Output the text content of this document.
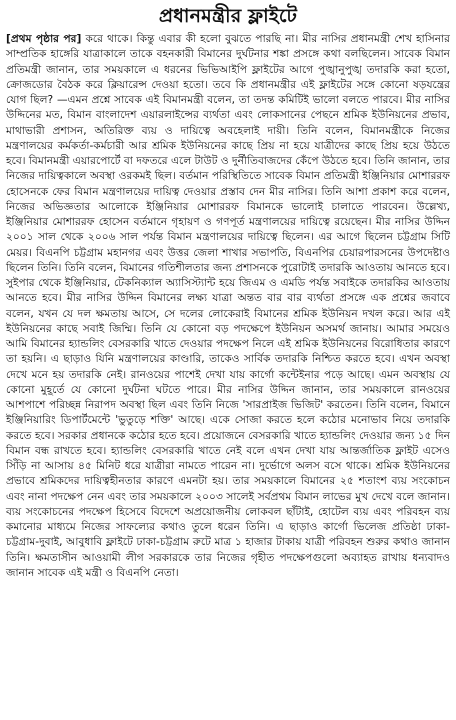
প্রধানমন্ত্রীর ফ্লাইটে
[প্রথম পৃষ্ঠার পর] করে থাকে। কিন্তু এবার কী হলো বুঝতে পারছি না। মীর নাসির প্রধানমন্ত্রী শেখ হাসিনার সাম্প্রতিক হাঙ্গেরি যাত্রাকালে তাকে বহনকারী বিমানের দুর্ঘটনার শঙ্কা প্রসঙ্গে কথা বলছিলেন। সাবেক বিমান প্রতিমন্ত্রী জানান, তার সময়কালে এ ধরনের ভিভিআইপি ফ্লাইটের আগে পুঙ্খানুপুঙ্খ তদারকি করা হতো, ক্রোজডোর বৈঠক করে ক্লিয়ারেন্স দেওয়া হতো। তবে কি প্রধানমন্ত্রীর এই ফ্লাইটের সঙ্গে কোনো ষড়যন্ত্রের যোগ ছিল? —এমন প্রশ্নে সাবেক এই বিমানমন্ত্রী বলেন, তা তদন্ত কমিটিই ভালো বলতে পারবে। মীর নাসির উদ্দিনের মত, বিমান বাংলাদেশ এয়ারলাইন্সের ব্যর্থতা এবং লোকসানের পেছনে শ্রমিক ইউনিয়নের প্রভাব, মাথাভারী প্রশাসন, অতিরিক্ত ব্যয় ও দায়িত্বে অবহেলাই দায়ী। তিনি বলেন, বিমানমন্ত্রীকে নিজের মন্ত্রণালয়ের কর্মকর্তা-কর্মচারী আর শ্রমিক ইউনিয়নের কাছে প্রিয় না হয়ে যাত্রীদের কাছে প্রিয় হয়ে উঠতে হবে। বিমানমন্ত্রী এয়ারপোর্টে বা দফতরে এলে টাউট ও দুর্নীতিবাজদের কেঁপে উঠতে হবে। তিনি জানান, তার নিজের দায়িত্বকালে অবস্থা ওরকমই ছিল। বর্তমান পরিস্থিতিতে সাবেক বিমান প্রতিমন্ত্রী ইঞ্জিনিয়ার মোশাররফ হোসেনকে ফের বিমান মন্ত্রণালয়ের দায়িত্ব দেওয়ার প্রস্তাব দেন মীর নাসির। তিনি আশা প্রকাশ করে বলেন, নিজের অভিজ্ঞতার আলোকে ইঞ্জিনিয়ার মোশাররফ বিমানকে ভালোই চালাতে পারবেন। উল্লেখ্য, ইঞ্জিনিয়ার মোশাররফ হোসেন বর্তমানে গৃহায়ণ ও গণপূর্ত মন্ত্রণালয়ের দায়িত্বে রয়েছেন। মীর নাসির উদ্দিন ২০০১ সাল থেকে ২০০৬ সাল পর্যন্ত বিমান মন্ত্রণালয়ের দায়িত্বে ছিলেন। এর আগে ছিলেন চট্টগ্রাম সিটি মেয়র। বিএনপি চট্টগ্রাম মহানগর এবং উত্তর জেলা শাখার সভাপতি, বিএনপির চেয়ারপারসনের উপদেষ্টাও ছিলেন তিনি। তিনি বলেন, বিমানের গতিশীলতার জন্য প্রশাসনকে পুরোটাই তদারকি আওতায় আনতে হবে। সুইপার থেকে ইঞ্জিনিয়ার, টেকনিক্যাল অ্যাসিস্ট্যান্ট হয়ে জিএম ও এমডি পর্যন্ত সবাইকে তদারকির আওতায় আনতে হবে। মীর নাসির উদ্দিন বিমানের লক্ষ্য যাত্রা অন্তত বার বার ব্যর্থতা প্রসঙ্গে এক প্রশ্নের জবাবে বলেন, যখন যে দল ক্ষমতায় আসে, সে দলের লোকেরাই বিমানের শ্রমিক ইউনিয়ন দখল করে। আর এই ইউনিয়নের কাছে সবাই জিম্মি। তিনি যে কোনো বড় পদক্ষেপে ইউনিয়ন অসমর্থ জানায়। আমার সময়েও আমি বিমানের হ্যান্ডলিং বেসরকারি খাতে দেওয়ার পদক্ষেপ নিলে এই শ্রমিক ইউনিয়নের বিরোধিতার কারণে তা হয়নি। এ ছাড়াও যিনি মন্ত্রণালয়ের কাণ্ডারি, তাকেও সার্বিক তদারকি নিশ্চিত করতে হবে। এখন অবস্থা দেখে মনে হয় তদারকি নেই। রানওয়ের পাশেই দেখা যায় কার্গো কন্টেইনার পড়ে আছে। এমন অবস্থায় যে কোনো মুহূর্তে যে কোনো দুর্ঘটনা ঘটতে পারে। মীর নাসির উদ্দিন জানান, তার সময়কালে রানওয়ের আশপাশে পরিচ্ছন্ন নিরাপদ অবস্থা ছিল এবং তিনি নিজে 'সারপ্রাইজ ভিজিট' করতেন। তিনি বলেন, বিমানে ইঞ্জিনিয়ারিং ডিপার্টমেন্টে 'ভুতুড়ে শক্তি' আছে। একে সোজা করতে হলে কঠোর মনোভাব নিয়ে তদারকি করতে হবে। সরকার প্রধানকে কঠোর হতে হবে। প্রয়োজনে বেসরকারি খাতে হ্যান্ডলিং দেওয়ার জন্য ১৫ দিন বিমান বন্ধ রাখতে হবে। হ্যান্ডলিং বেসরকারি খাতে নেই বলে এখন দেখা যায় আন্তর্জাতিক ফ্লাইট এসেও সিঁড়ি না আসায় ৪৫ মিনিট ধরে যাত্রীরা নামতে পারেন না। দুর্ভোগে অলস বসে থাকে। শ্রমিক ইউনিয়নের প্রভাবে শ্রমিকদের দায়িত্বহীনতার কারণে এমনটা হয়। তার সময়কালে বিমানের ২৫ শতাংশ ব্যয় সংকোচন এবং নানা পদক্ষেপ নেন এবং তার সময়কালে ২০০৩ সালেই সর্বপ্রথম বিমান লাভের মুখ দেখে বলে জানান। ব্যয় সংকোচনের পদক্ষেপ হিসেবে বিদেশে অপ্রয়োজনীয় লোকবল ছাঁটাই, হোটেল ব্যয় এবং পরিবহন ব্যয় কমানোর মাধ্যমে নিজের সাফল্যের কথাও তুলে ধরেন তিনি। এ ছাড়াও কার্গো ভিলেজ প্রতিষ্ঠা ঢাকা-চট্টগ্রাম-দুবাই, আবুধাবি ফ্লাইটে ঢাকা-চট্টগ্রাম রুটে মাত্র ১ হাজার টাকায় যাত্রী পরিবহন শুরুর কথাও জানান তিনি। ক্ষমতাসীন আওয়ামী লীগ সরকারকে তার নিজের গৃহীত পদক্ষেপগুলো অব্যাহত রাখায় ধন্যবাদও জানান সাবেক এই মন্ত্রী ও বিএনপি নেতা।
